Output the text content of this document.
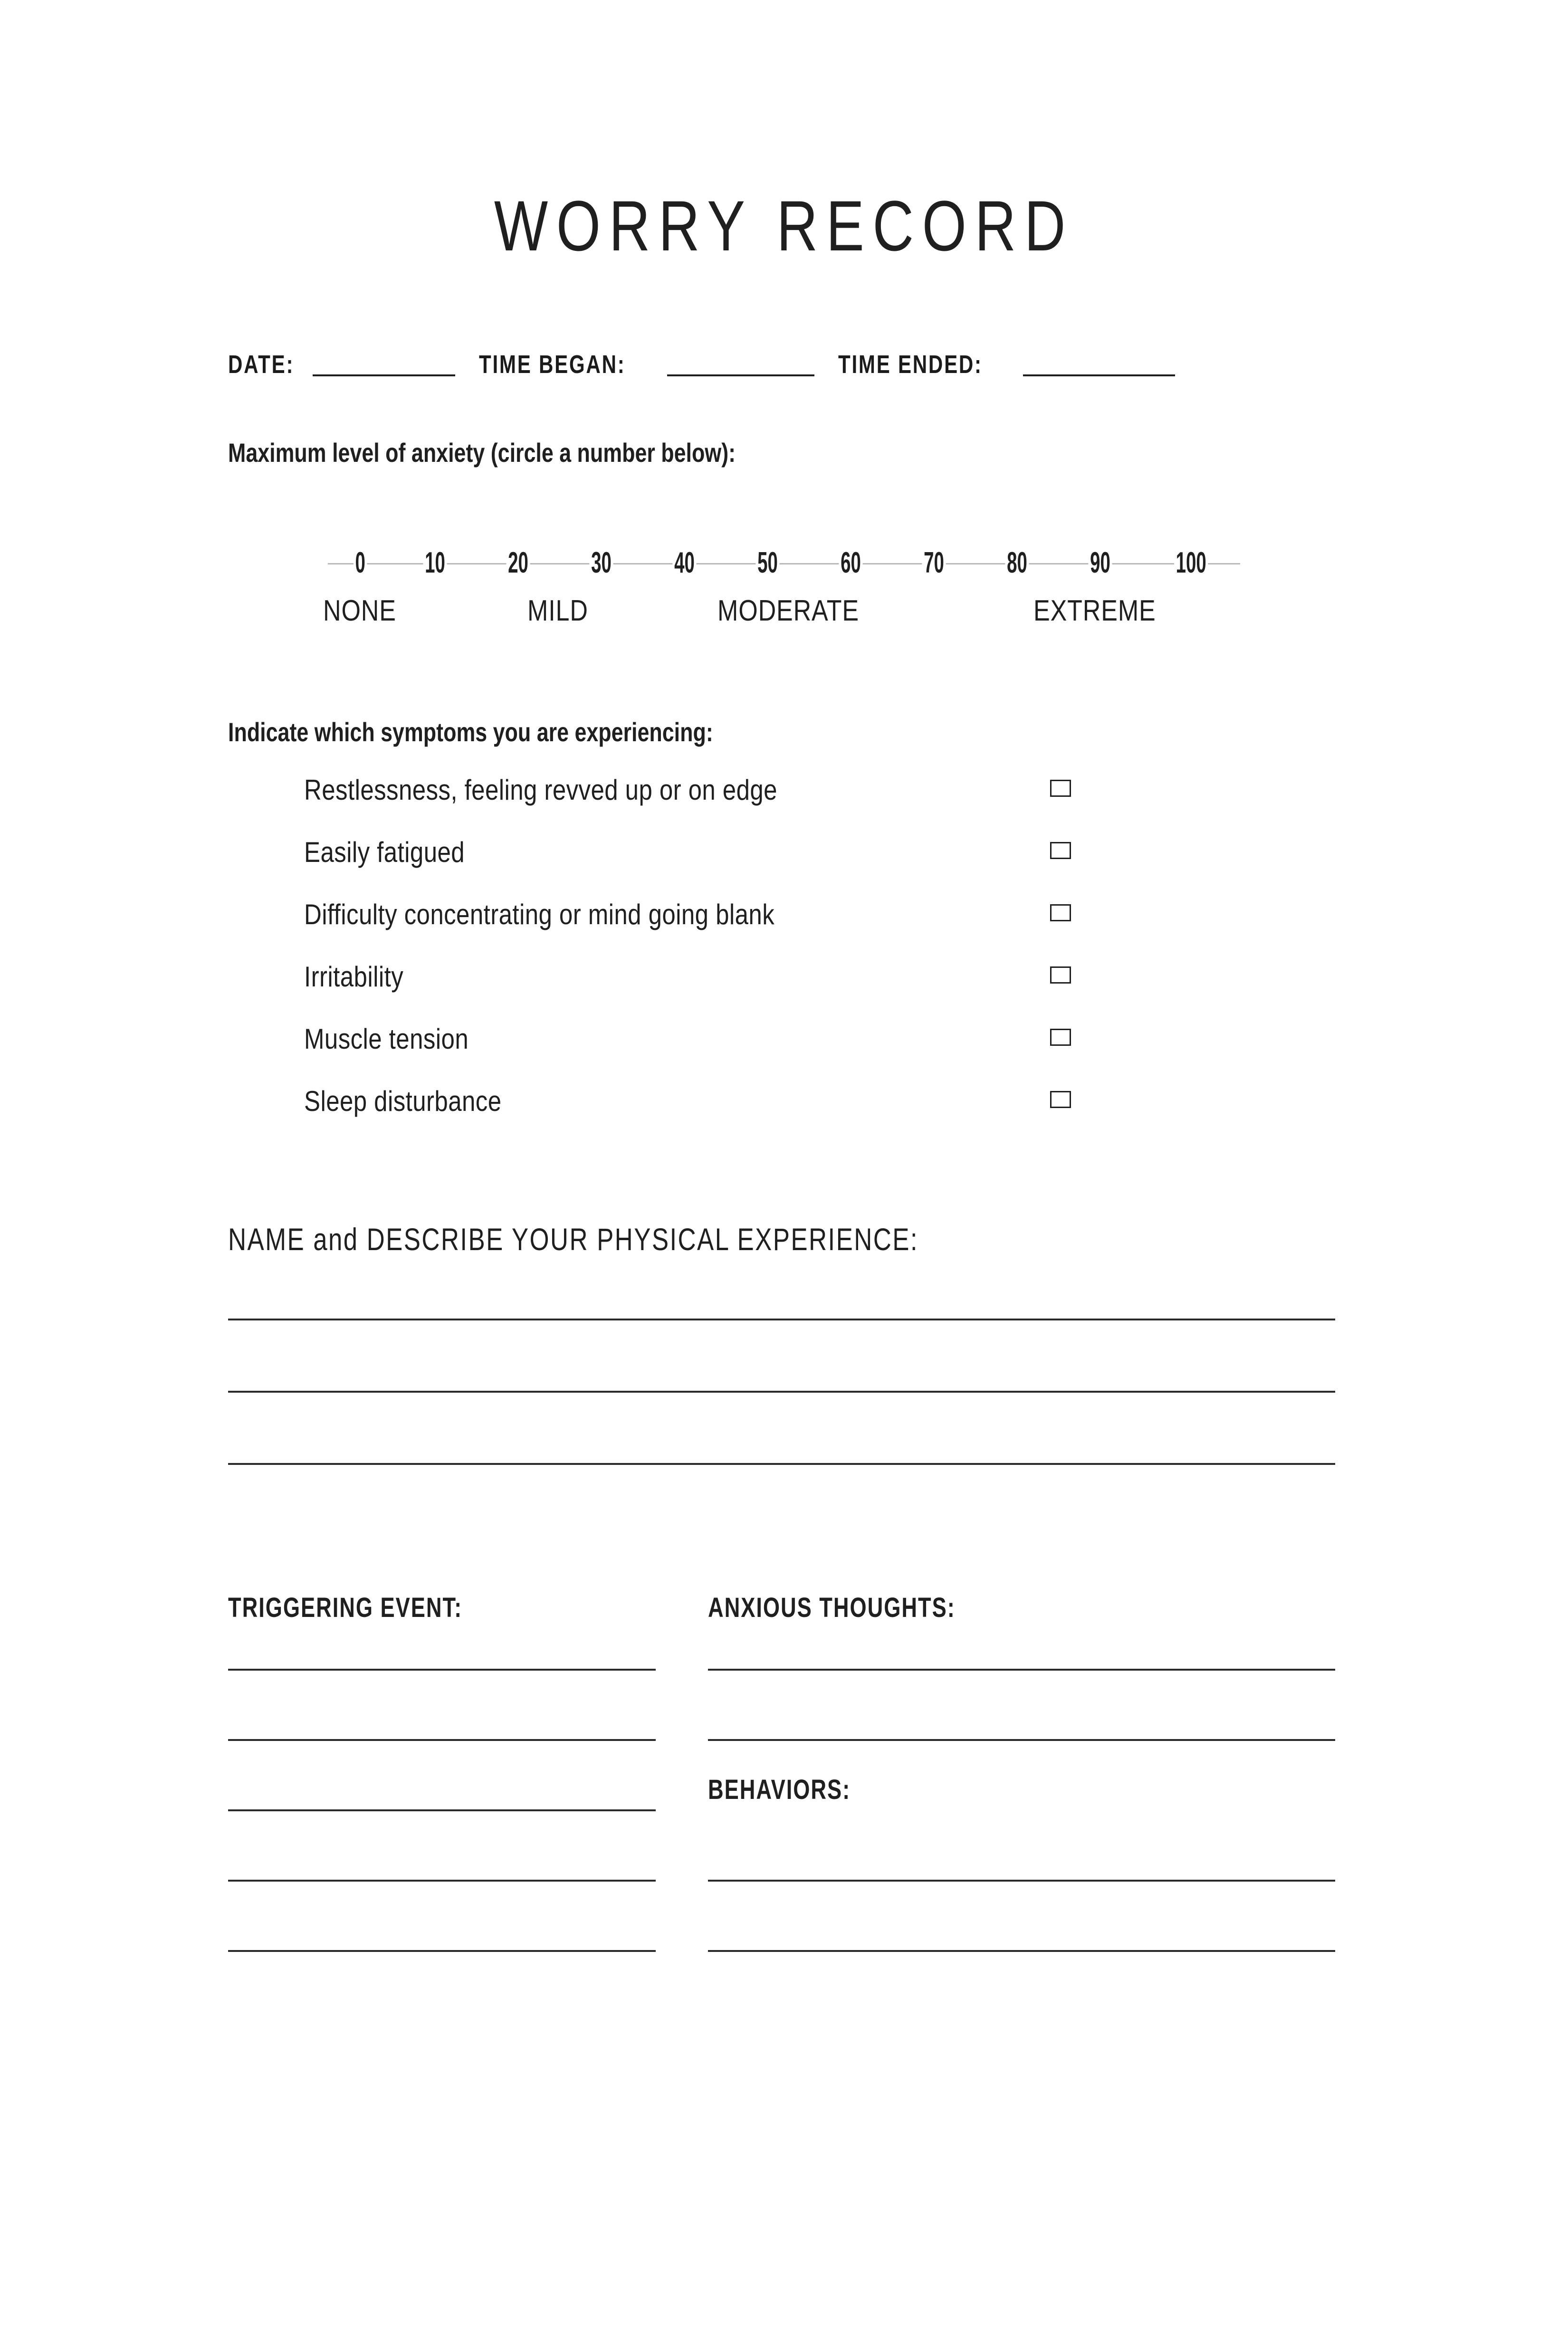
WORRY RECORD
DATE:	TIME BEGAN:	TIME ENDED:
Maximum level of anxiety (circle a number below):
0 10 20 30 40 50 60 70 80 90 100
NONE	MILD	MODERATE	EXTREME
Indicate which symptoms you are experiencing:
Restlessness, feeling revved up or on edge
Easily fatigued
Difficulty concentrating or mind going blank
Irritability
Muscle tension
Sleep disturbance
NAME and DESCRIBE YOUR PHYSICAL EXPERIENCE:
TRIGGERING EVENT:	ANXIOUS THOUGHTS:
BEHAVIORS:
